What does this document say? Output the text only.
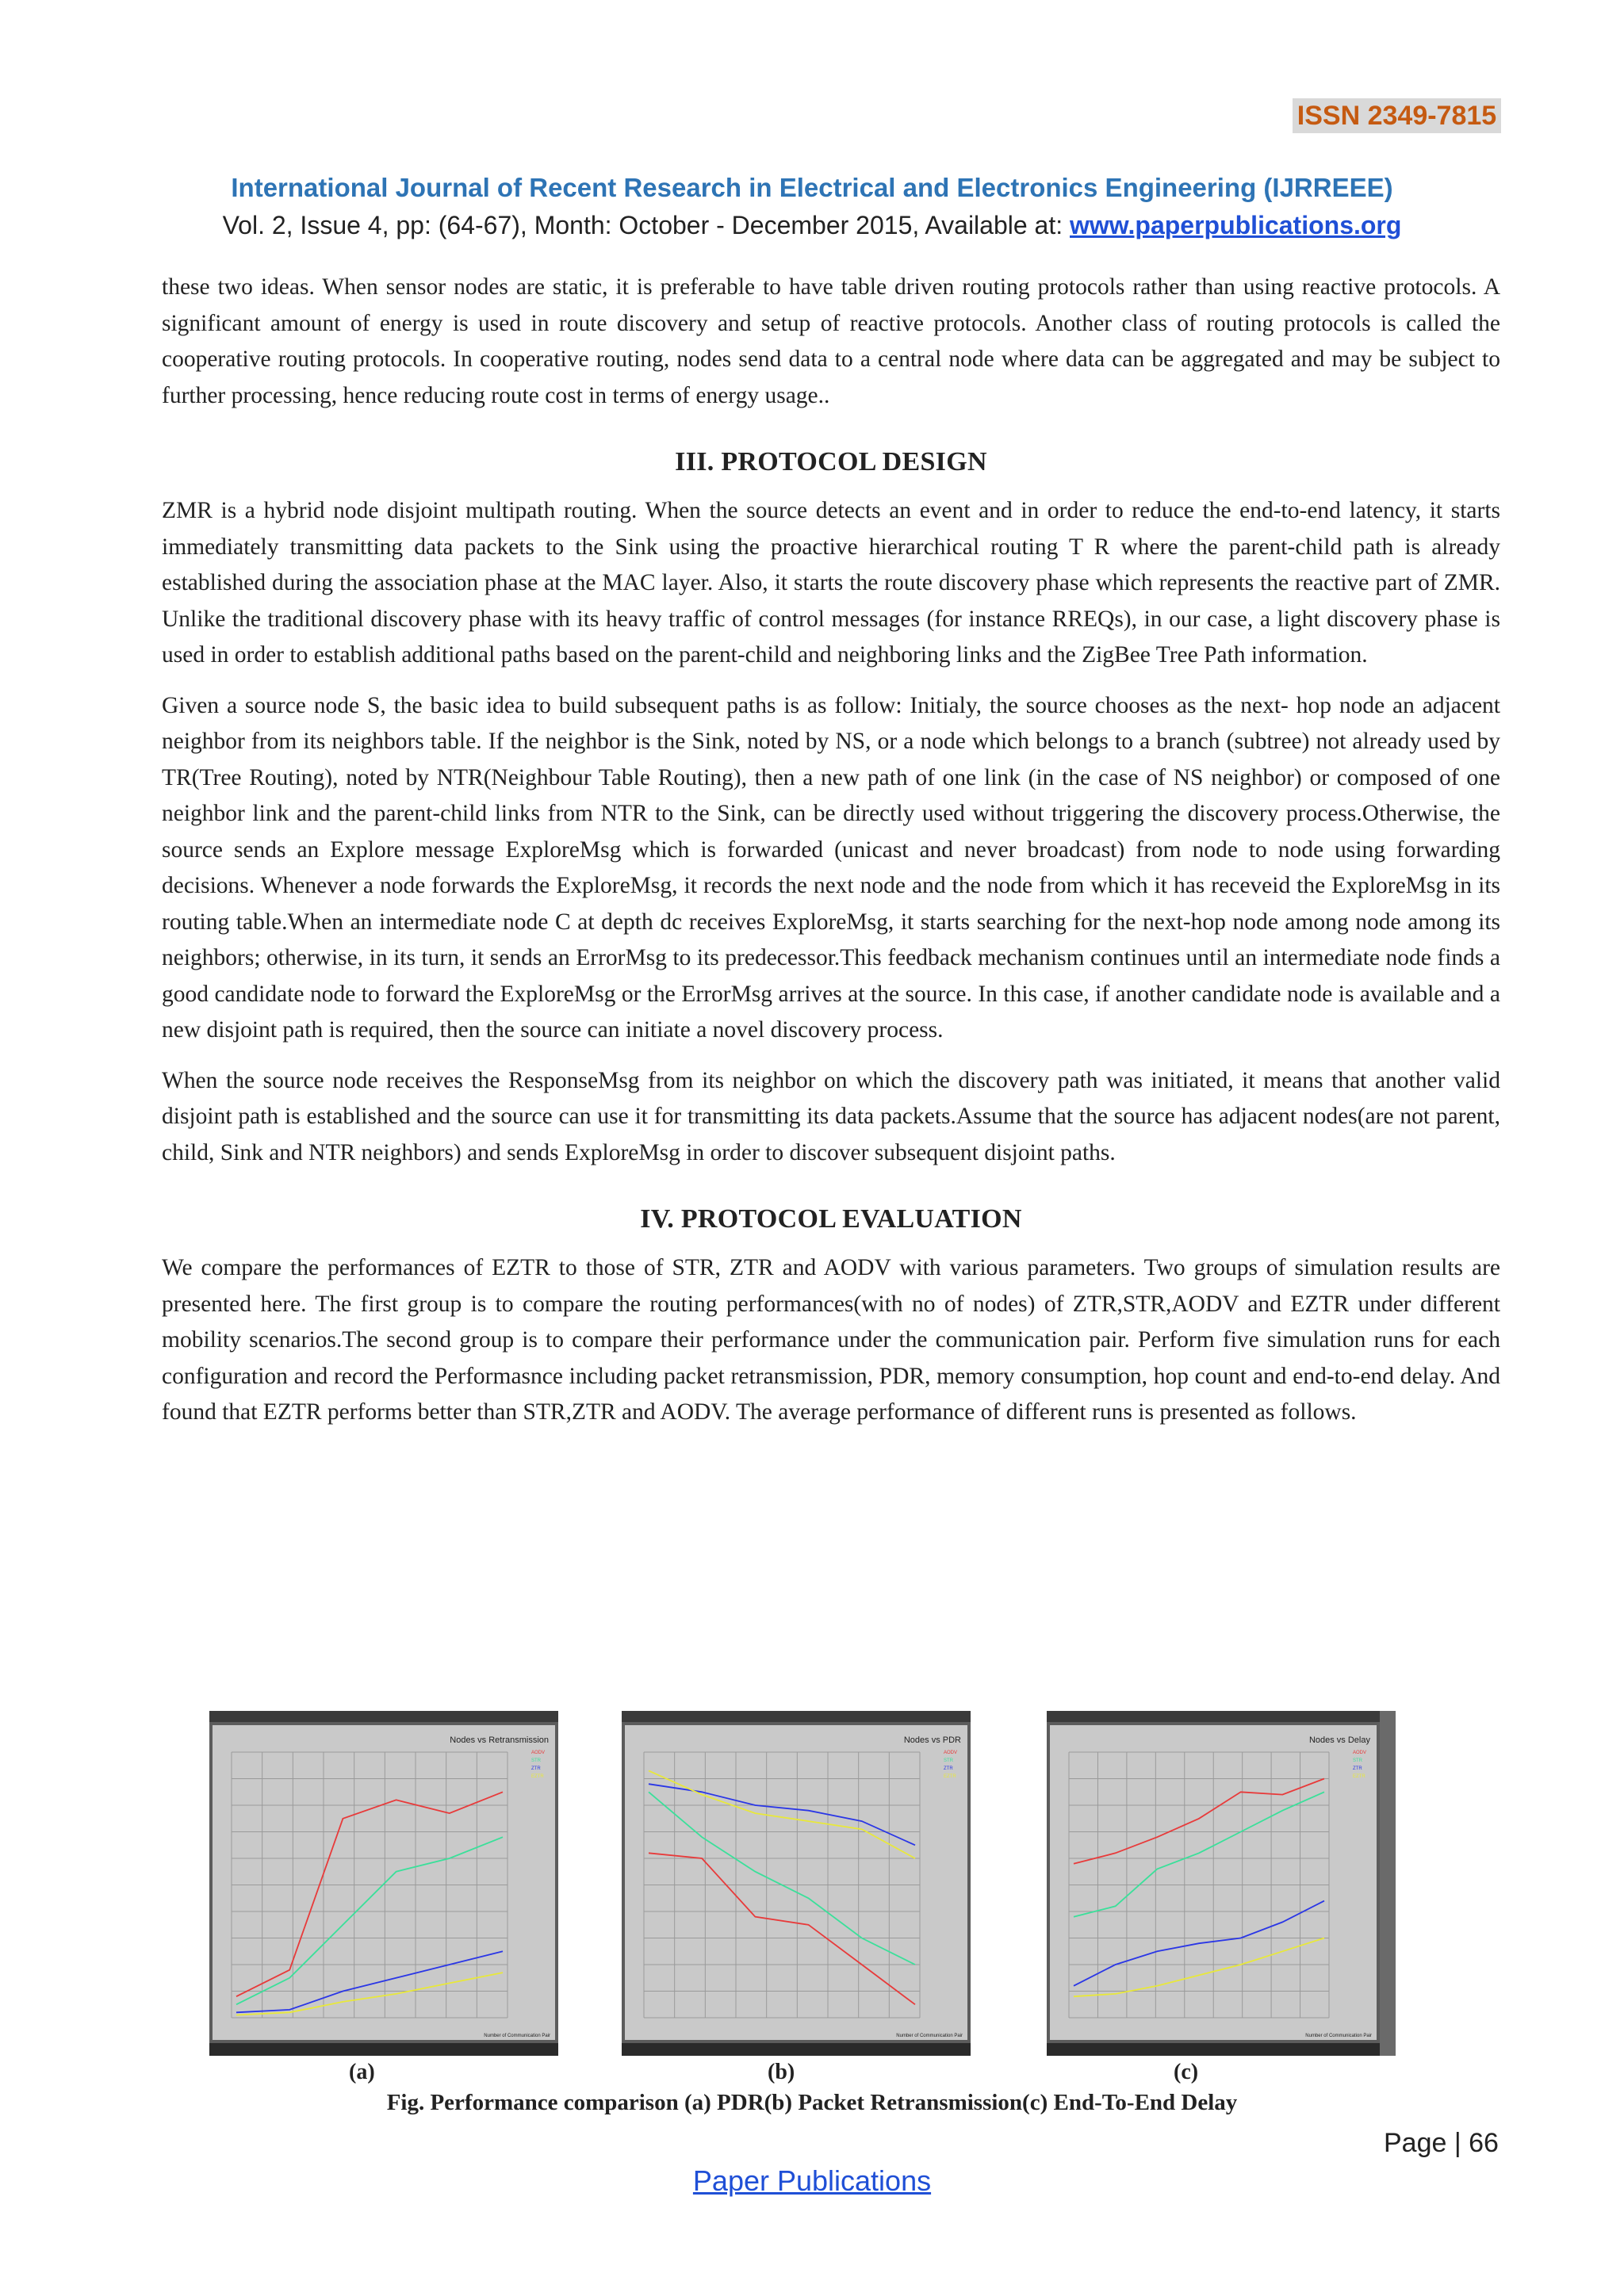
ISSN 2349-7815
International Journal of Recent Research in Electrical and Electronics Engineering (IJRREEE)
Vol. 2, Issue 4, pp: (64-67), Month: October - December 2015, Available at: www.paperpublications.org

these two ideas. When sensor nodes are static, it is preferable to have table driven routing protocols rather than using reactive protocols. A significant amount of energy is used in route discovery and setup of reactive protocols. Another class of routing protocols is called the cooperative routing protocols. In cooperative routing, nodes send data to a central node where data can be aggregated and may be subject to further processing, hence reducing route cost in terms of energy usage..

III. PROTOCOL DESIGN

ZMR is a hybrid node disjoint multipath routing. When the source detects an event and in order to reduce the end-to-end latency, it starts immediately transmitting data packets to the Sink using the proactive hierarchical routing T R where the parent-child path is already established during the association phase at the MAC layer. Also, it starts the route discovery phase which represents the reactive part of ZMR. Unlike the traditional discovery phase with its heavy traffic of control messages (for instance RREQs), in our case, a light discovery phase is used in order to establish additional paths based on the parent-child and neighboring links and the ZigBee Tree Path information.

Given a source node S, the basic idea to build subsequent paths is as follow: Initialy, the source chooses as the next- hop node an adjacent neighbor from its neighbors table. If the neighbor is the Sink, noted by NS, or a node which belongs to a branch (subtree) not already used by TR(Tree Routing), noted by NTR(Neighbour Table Routing), then a new path of one link (in the case of NS neighbor) or composed of one neighbor link and the parent-child links from NTR to the Sink, can be directly used without triggering the discovery process.Otherwise, the source sends an Explore message ExploreMsg which is forwarded (unicast and never broadcast) from node to node using forwarding decisions. Whenever a node forwards the ExploreMsg, it records the next node and the node from which it has receveid the ExploreMsg in its routing table.When an intermediate node C at depth dc receives ExploreMsg, it starts searching for the next-hop node among node among its neighbors; otherwise, in its turn, it sends an ErrorMsg to its predecessor.This feedback mechanism continues until an intermediate node finds a good candidate node to forward the ExploreMsg or the ErrorMsg arrives at the source. In this case, if another candidate node is available and a new disjoint path is required, then the source can initiate a novel discovery process.

When the source node receives the ResponseMsg from its neighbor on which the discovery path was initiated, it means that another valid disjoint path is established and the source can use it for transmitting its data packets.Assume that the source has adjacent nodes(are not parent, child, Sink and NTR neighbors) and sends ExploreMsg in order to discover subsequent disjoint paths.

IV. PROTOCOL EVALUATION

We compare the performances of EZTR to those of STR, ZTR and AODV with various parameters. Two groups of simulation results are presented here. The first group is to compare the routing performances(with no of nodes) of ZTR,STR,AODV and EZTR under different mobility scenarios.The second group is to compare their performance under the communication pair. Perform five simulation runs for each configuration and record the Performasnce including packet retransmission, PDR, memory consumption, hop count and end-to-end delay. And found that EZTR performs better than STR,ZTR and AODV. The average performance of different runs is presented as follows.

Nodes vs Retransmission
Number of Communication Pair
AODV
STR
ZTR
EZTR
Nodes vs PDR
Number of Communication Pair
AODV
STR
ZTR
EZTR
Nodes vs Delay
Number of Communication Pair
AODV
STR
ZTR
EZTR
(a)	(b)	(c)
Fig. Performance comparison (a) PDR(b) Packet Retransmission(c) End-To-End Delay
Page | 66
Paper Publications
